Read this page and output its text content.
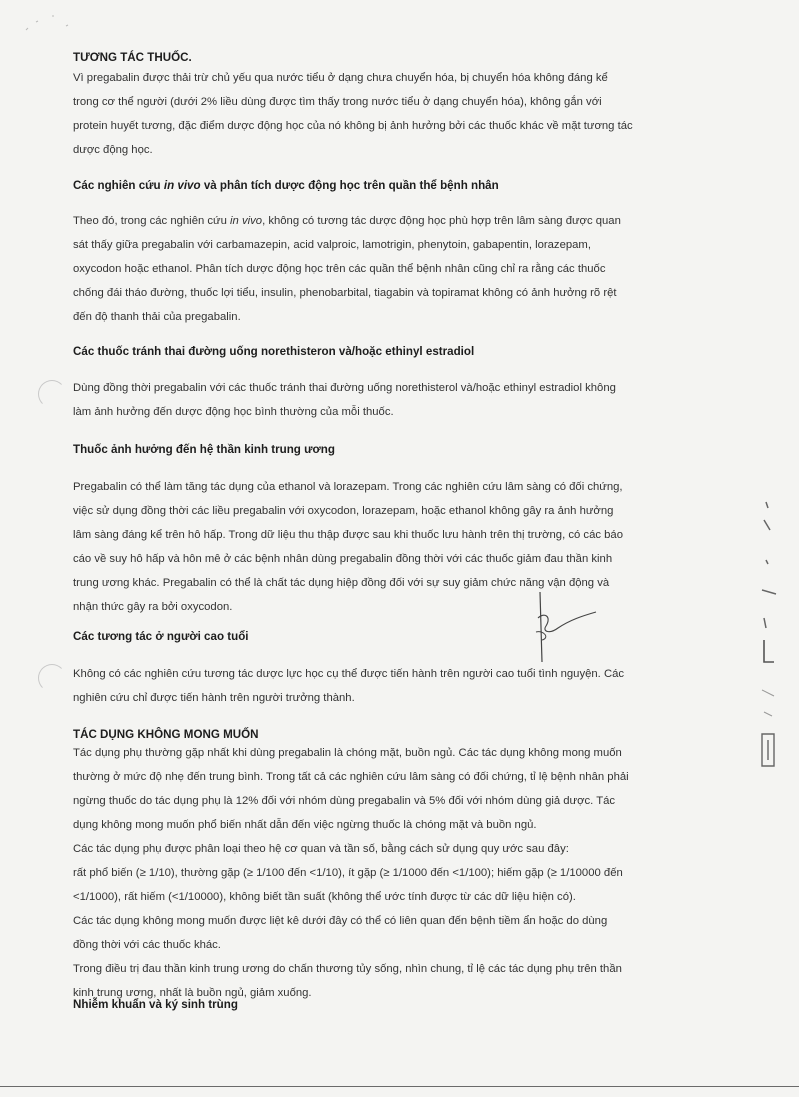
TƯƠNG TÁC THUỐC.

Vì pregabalin được thải trừ chủ yếu qua nước tiểu ở dạng chưa chuyển hóa, bị chuyển hóa không đáng kể

trong cơ thể người (dưới 2% liều dùng được tìm thấy trong nước tiểu ở dạng chuyển hóa), không gắn với

protein huyết tương, đặc điểm dược động học của nó không bị ảnh hưởng bởi các thuốc khác về mặt tương tác

dược động học.

Các nghiên cứu in vivo và phân tích dược động học trên quần thể bệnh nhân

Theo đó, trong các nghiên cứu in vivo, không có tương tác dược động học phù hợp trên lâm sàng được quan

sát thấy giữa pregabalin với carbamazepin, acid valproic, lamotrigin, phenytoin, gabapentin, lorazepam,

oxycodon hoặc ethanol. Phân tích dược động học trên các quần thể bệnh nhân cũng chỉ ra rằng các thuốc

chống đái tháo đường, thuốc lợi tiểu, insulin, phenobarbital, tiagabin và topiramat không có ảnh hưởng rõ rệt

đến độ thanh thải của pregabalin.

Các thuốc tránh thai đường uống norethisteron và/hoặc ethinyl estradiol

Dùng đồng thời pregabalin với các thuốc tránh thai đường uống norethisterol và/hoặc ethinyl estradiol không

làm ảnh hưởng đến dược động học bình thường của mỗi thuốc.

Thuốc ảnh hưởng đến hệ thần kinh trung ương

Pregabalin có thể làm tăng tác dụng của ethanol và lorazepam. Trong các nghiên cứu lâm sàng có đối chứng,

việc sử dụng đồng thời các liều pregabalin với oxycodon, lorazepam, hoặc ethanol không gây ra ảnh hưởng

lâm sàng đáng kể trên hô hấp. Trong dữ liệu thu thập được sau khi thuốc lưu hành trên thị trường, có các báo

cáo về suy hô hấp và hôn mê ở các bệnh nhân dùng pregabalin đồng thời với các thuốc giảm đau thần kinh

trung ương khác. Pregabalin có thể là chất tác dụng hiệp đồng đối với sự suy giảm chức năng vận động và

nhận thức gây ra bởi oxycodon.

Các tương tác ở người cao tuổi

Không có các nghiên cứu tương tác dược lực học cụ thể được tiến hành trên người cao tuổi tình nguyện. Các

nghiên cứu chỉ được tiến hành trên người trưởng thành.

TÁC DỤNG KHÔNG MONG MUỐN

Tác dụng phụ thường gặp nhất khi dùng pregabalin là chóng mặt, buồn ngủ. Các tác dụng không mong muốn

thường ở mức độ nhẹ đến trung bình. Trong tất cả các nghiên cứu lâm sàng có đối chứng, tỉ lệ bệnh nhân phải

ngừng thuốc do tác dụng phụ là 12% đối với nhóm dùng pregabalin và 5% đối với nhóm dùng giả dược. Tác

dụng không mong muốn phổ biến nhất dẫn đến việc ngừng thuốc là chóng mặt và buồn ngủ.

Các tác dụng phụ được phân loại theo hệ cơ quan và tần số, bằng cách sử dụng quy ước sau đây:

rất phổ biến (≥ 1/10), thường gặp (≥ 1/100 đến <1/10), ít gặp (≥ 1/1000 đến <1/100); hiếm gặp (≥ 1/10000 đến

<1/1000), rất hiếm (<1/10000), không biết tần suất (không thể ước tính được từ các dữ liệu hiện có).

Các tác dụng không mong muốn được liệt kê dưới đây có thể có liên quan đến bệnh tiềm ẩn hoặc do dùng

đồng thời với các thuốc khác.

Trong điều trị đau thần kinh trung ương do chấn thương tủy sống, nhìn chung, tỉ lệ các tác dụng phụ trên thần

kinh trung ương, nhất là buồn ngủ, giảm xuống.

Nhiễm khuẩn và ký sinh trùng
